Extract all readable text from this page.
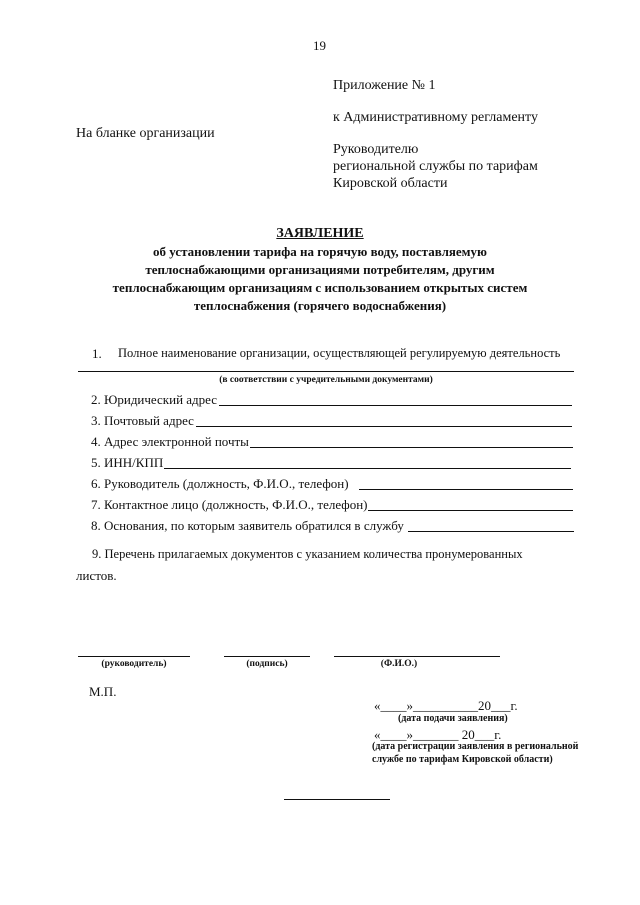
19
Приложение № 1
к Административному регламенту
На бланке организации
Руководителю
региональной службы по тарифам
Кировской области
ЗАЯВЛЕНИЕ
об установлении тарифа на горячую воду, поставляемую
теплоснабжающими организациями потребителям, другим
теплоснабжающим организациям с использованием открытых систем
теплоснабжения (горячего водоснабжения)
1. Полное наименование организации, осуществляющей регулируемую деятельность
(в соответствии с учредительными документами)
2. Юридический адрес
3. Почтовый адрес
4. Адрес электронной почты
5. ИНН/КПП
6. Руководитель (должность, Ф.И.О., телефон)
7. Контактное лицо (должность, Ф.И.О., телефон)
8. Основания, по которым заявитель обратился в службу
9. Перечень прилагаемых документов с указанием количества пронумерованных
листов.
(руководитель)	(подпись)	(Ф.И.О.)
М.П.
«____»__________20___г.
(дата подачи заявления)
«____»_______ 20___г.
(дата регистрации заявления в региональной
службе по тарифам Кировской области)
